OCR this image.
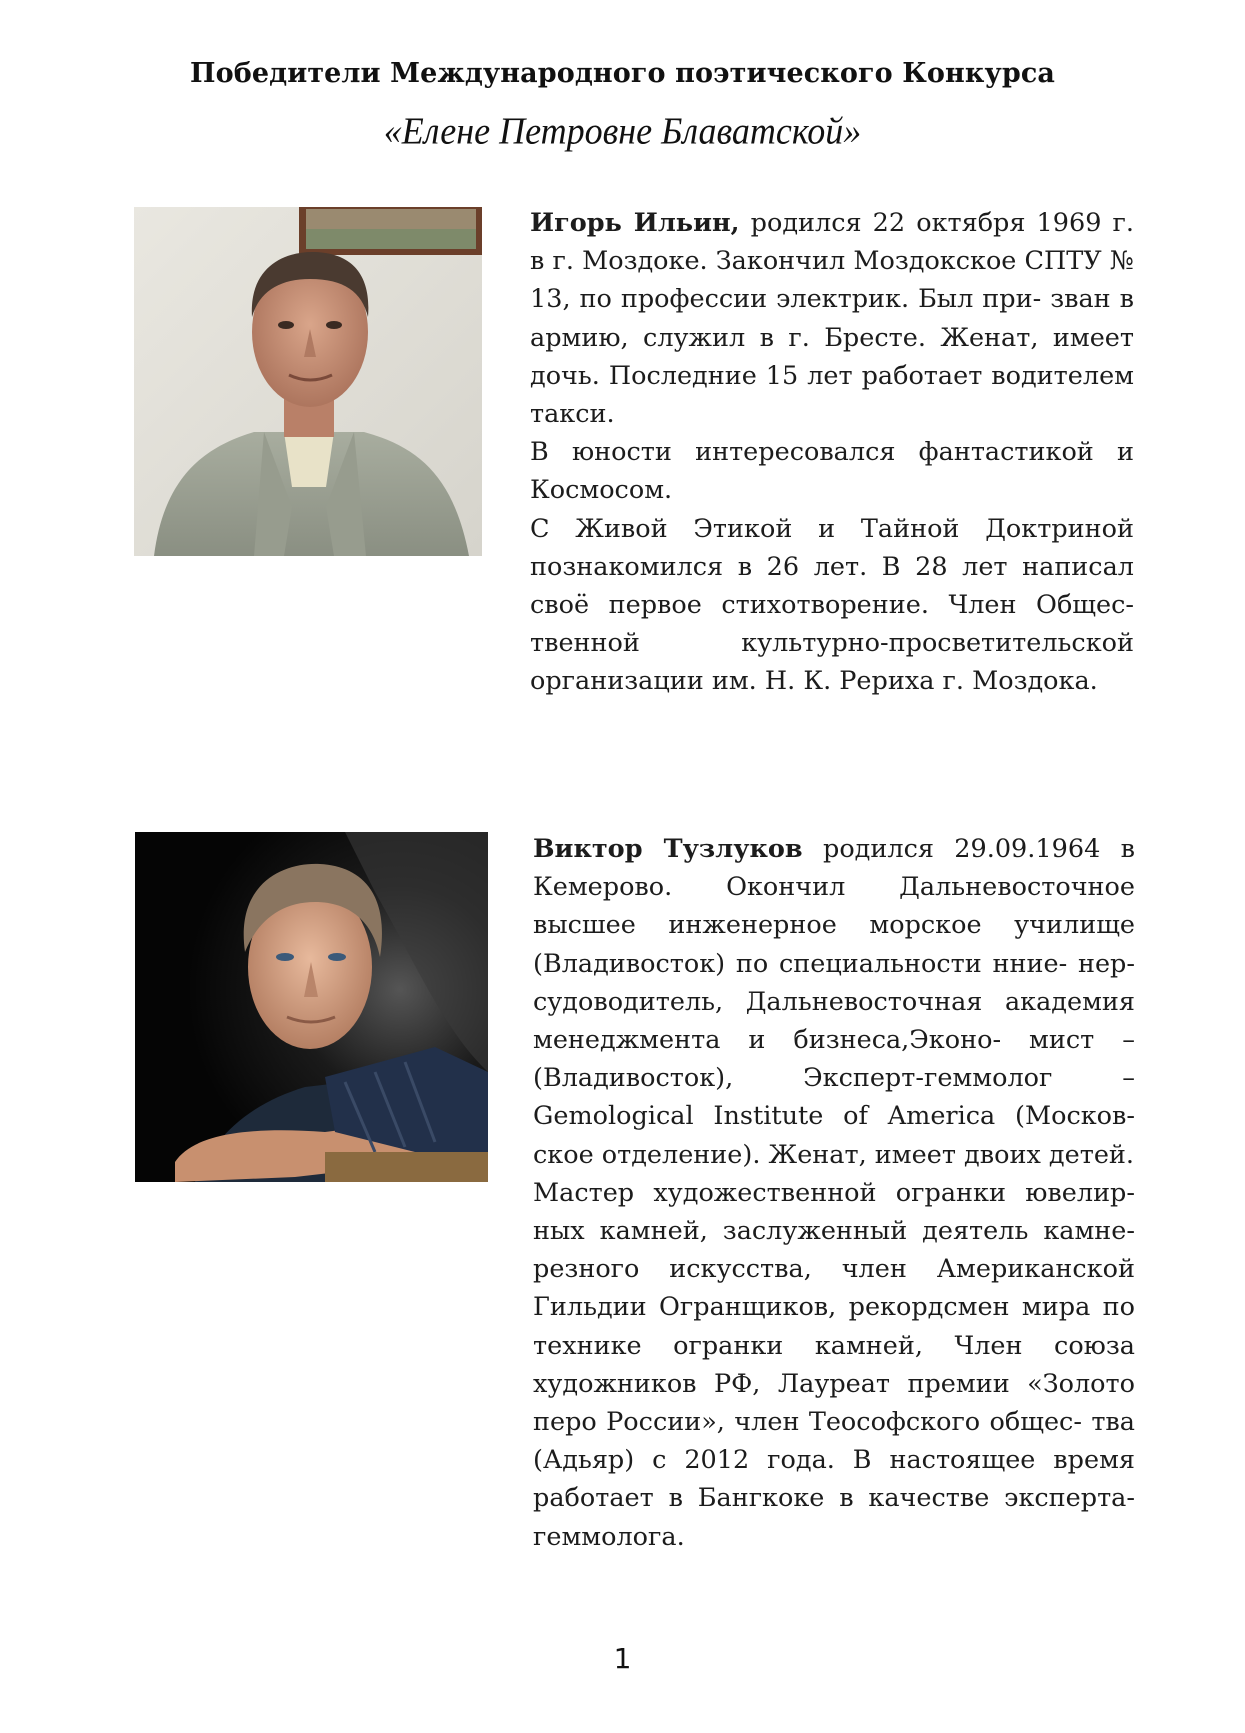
Победители Международного поэтического Конкурса
«Елене Петровне Блаватской»

Игорь Ильин, родился 22 октября 1969 г. в г. Моздоке. Закончил Моздокское СПТУ № 13, по профессии электрик. Был при- зван в армию, служил в г. Бресте. Женат, имеет дочь. Последние 15 лет работает водителем такси.

В юности интересовался фантастикой и Космосом.

С Живой Этикой и Тайной Доктриной познакомился в 26 лет. В 28 лет написал своё первое стихотворение. Член Общес- твенной культурно-просветительской организации им. Н. К. Рериха г. Моздока.

Виктор Тузлуков родился 29.09.1964 в Кемерово. Окончил Дальневосточное высшее инженерное морское училище (Владивосток) по специальности нние- нер-судоводитель, Дальневосточная академия менеджмента и бизнеса,Эконо- мист – (Владивосток), Эксперт-геммолог – Gemological Institute of America (Москов- ское отделение). Женат, имеет двоих детей.

Мастер художественной огранки ювелир- ных камней, заслуженный деятель камне- резного искусства, член Американской Гильдии Огранщиков, рекордсмен мира по технике огранки камней, Член союза художников РФ, Лауреат премии «Золото перо России», член Теософского общес- тва (Адьяр) с 2012 года. В настоящее время работает в Бангкоке в качестве эксперта- геммолога.

1
